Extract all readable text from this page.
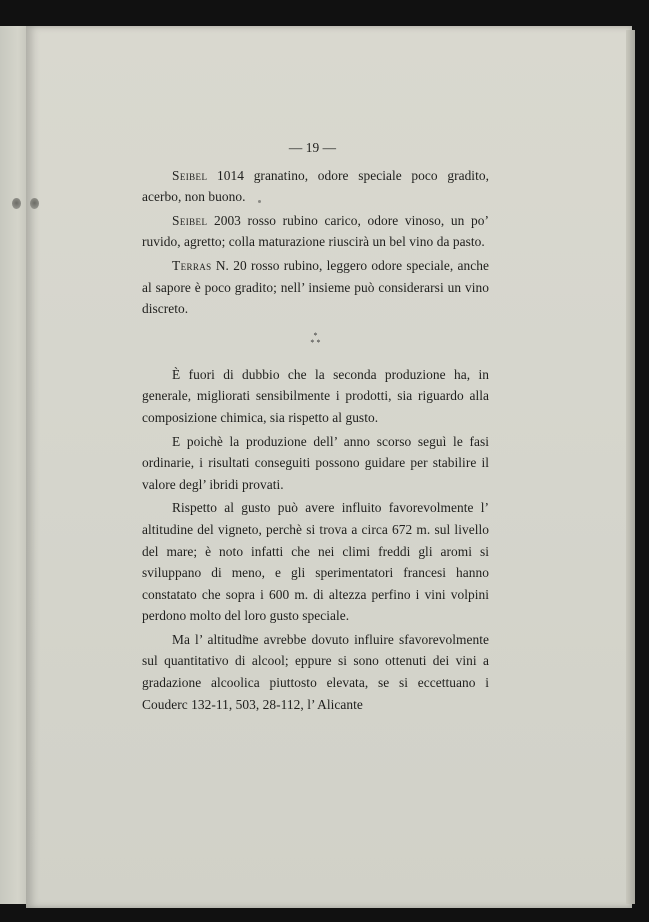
— 19 —

Seibel 1014 granatino, odore speciale poco gradito, acerbo, non buono.

Seibel 2003 rosso rubino carico, odore vinoso, un po’ ruvido, agretto; colla maturazione riuscirà un bel vino da pasto.

Terras N. 20 rosso rubino, leggero odore speciale, anche al sapore è poco gradito; nell’ insieme può considerarsi un vino discreto.

*
* *

È fuori di dubbio che la seconda produzione ha, in generale, migliorati sensibilmente i prodotti, sia riguardo alla composizione chimica, sia rispetto al gusto.

E poichè la produzione dell’ anno scorso seguì le fasi ordinarie, i risultati conseguiti possono guidare per stabilire il valore degl’ ibridi provati.

Rispetto al gusto può avere influito favorevolmente l’ altitudine del vigneto, perchè si trova a circa 672 m. sul livello del mare; è noto infatti che nei climi freddi gli aromi si sviluppano di meno, e gli sperimentatori francesi hanno constatato che sopra i 600 m. di altezza perfino i vini volpini perdono molto del loro gusto speciale.

Ma l’ altitudine avrebbe dovuto influire sfavorevolmente sul quantitativo di alcool; eppure si sono ottenuti dei vini a gradazione alcoolica piuttosto elevata, se si eccettuano i Couderc 132-11, 503, 28-112, l’ Alicante
